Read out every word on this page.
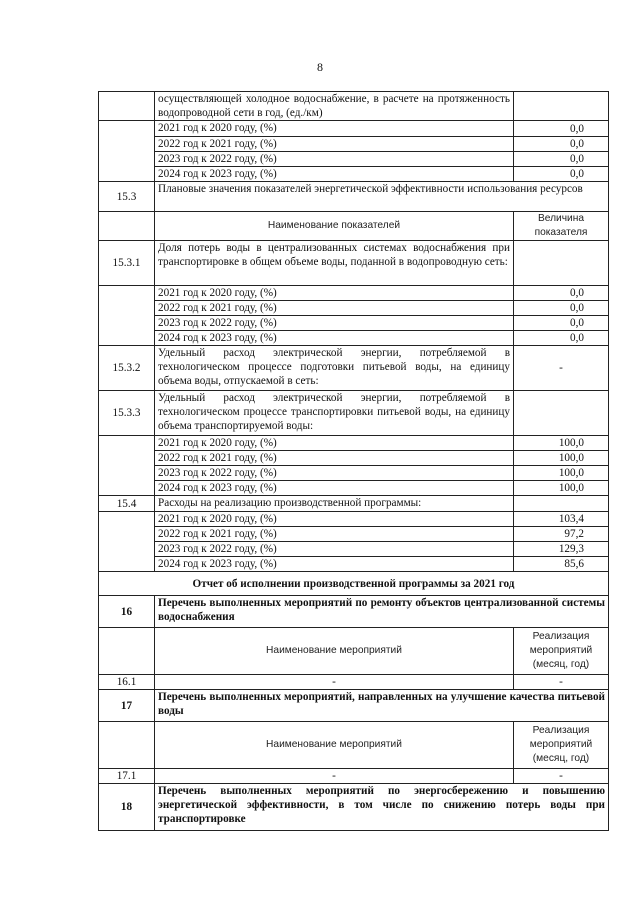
8
	осуществляющей холодное водоснабжение, в расчете на протяженность водопроводной сети в год, (ед./км)	
	2021 год к 2020 году, (%)	0,0
	2022 год к 2021 году, (%)	0,0
	2023 год к 2022 году, (%)	0,0
	2024 год к 2023 году, (%)	0,0
15.3	Плановые значения показателей энергетической эффективности использования ресурсов	
	Наименование показателей	Величина показателя
15.3.1	Доля потерь воды в централизованных системах водоснабжения при транспортировке в общем объеме воды, поданной в водопроводную сеть:	
	2021 год к 2020 году, (%)	0,0
	2022 год к 2021 году, (%)	0,0
	2023 год к 2022 году, (%)	0,0
	2024 год к 2023 году, (%)	0,0
15.3.2	Удельный расход электрической энергии, потребляемой в технологическом процессе подготовки питьевой воды, на единицу объема воды, отпускаемой в сеть:	-
15.3.3	Удельный расход электрической энергии, потребляемой в технологическом процессе транспортировки питьевой воды, на единицу объема транспортируемой воды:	
	2021 год к 2020 году, (%)	100,0
	2022 год к 2021 году, (%)	100,0
	2023 год к 2022 году, (%)	100,0
	2024 год к 2023 году, (%)	100,0
15.4	Расходы на реализацию производственной программы:	
	2021 год к 2020 году, (%)	103,4
	2022 год к 2021 году, (%)	97,2
	2023 год к 2022 году, (%)	129,3
	2024 год к 2023 году, (%)	85,6
Отчет об исполнении производственной программы за 2021 год		
16	Перечень выполненных мероприятий по ремонту объектов централизованной системы водоснабжения	
	Наименование мероприятий	Реализация мероприятий (месяц, год)
16.1	-	-
17	Перечень выполненных мероприятий, направленных на улучшение качества питьевой воды	
	Наименование мероприятий	Реализация мероприятий (месяц, год)
17.1	-	-
18	Перечень выполненных мероприятий по энергосбережению и повышению энергетической эффективности, в том числе по снижению потерь воды при транспортировке	
